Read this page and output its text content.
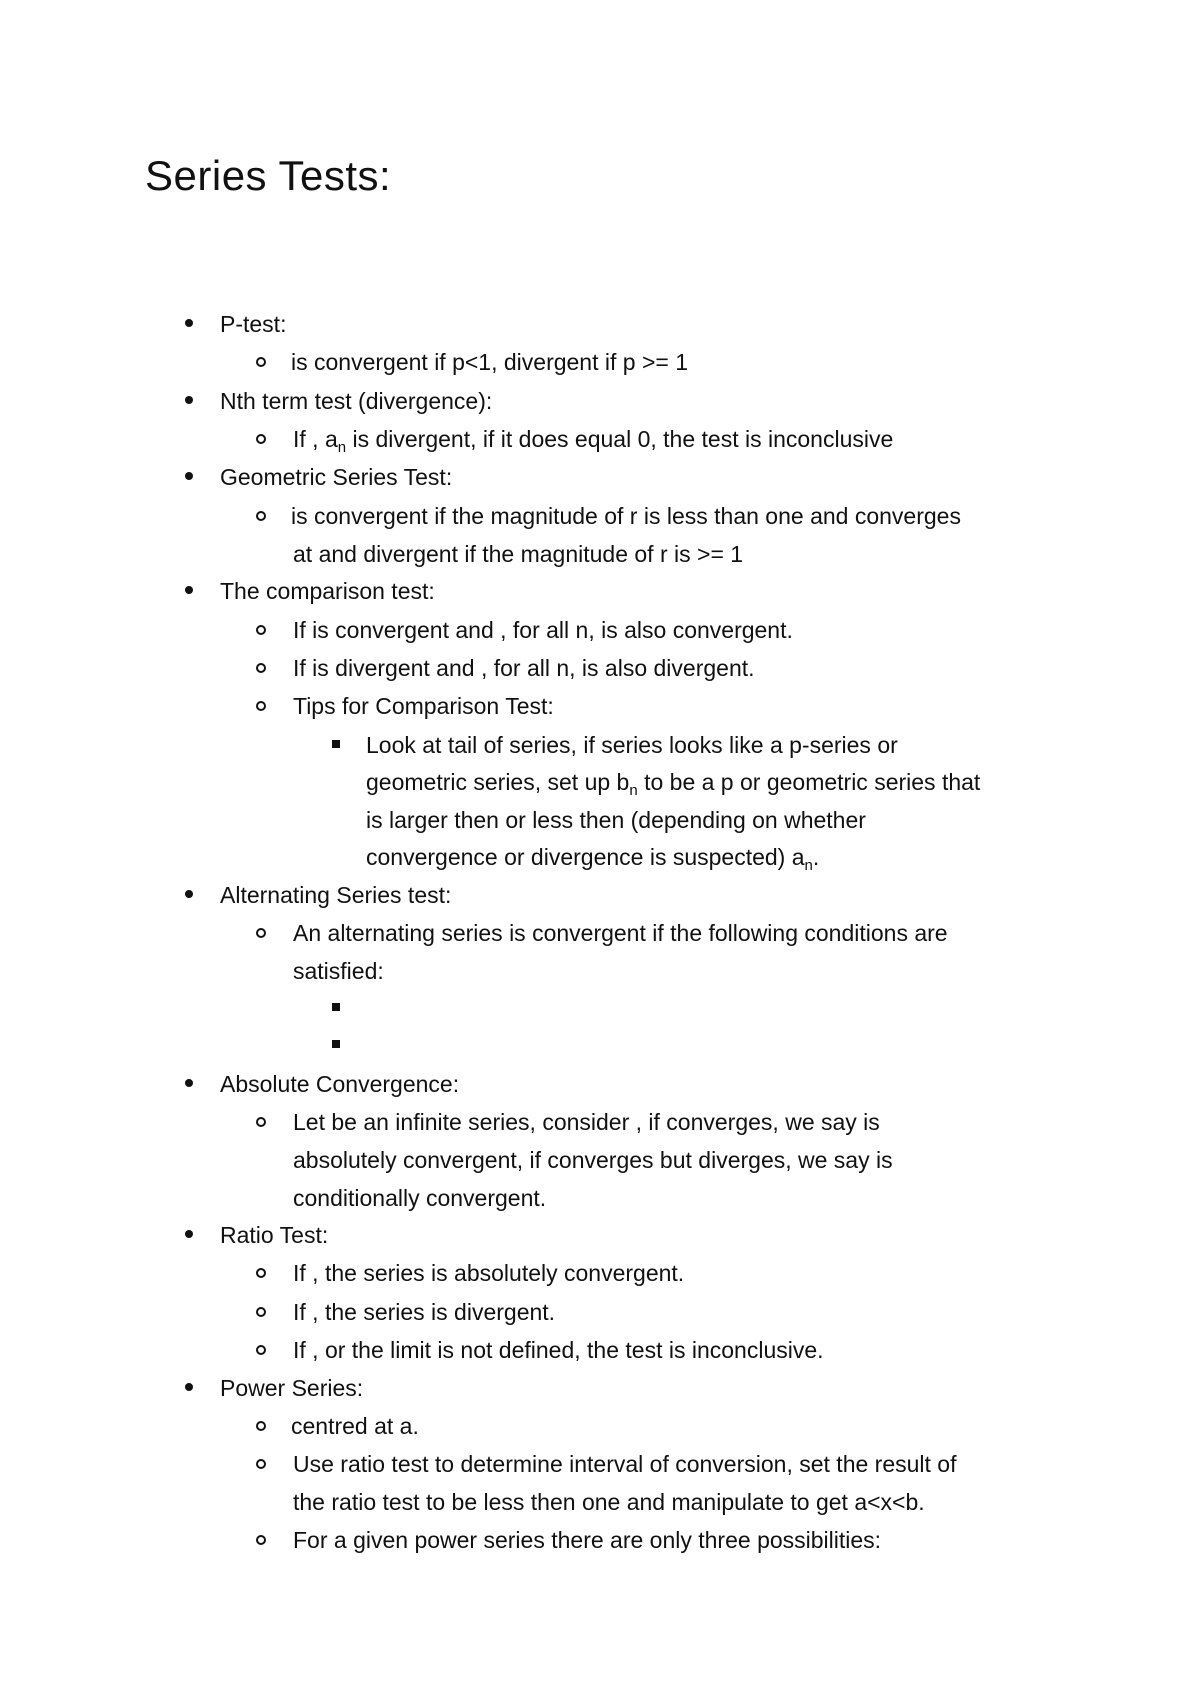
Series Tests:
P-test:
is convergent if p<1, divergent if p >= 1
Nth term test (divergence):
If , $a_n$ is divergent, if it does equal 0, the test is inconclusive
Geometric Series Test:
is convergent if the magnitude of r is less than one and converges
at and divergent if the magnitude of r is >= 1
The comparison test:
If is convergent and , for all n, is also convergent.
If is divergent and , for all n, is also divergent.
Tips for Comparison Test:
Look at tail of series, if series looks like a p-series or
geometric series, set up $b_n$ to be a p or geometric series that
is larger then or less then (depending on whether
convergence or divergence is suspected) $a_n$.
Alternating Series test:
An alternating series is convergent if the following conditions are
satisfied:
Absolute Convergence:
Let be an infinite series, consider , if converges, we say is
absolutely convergent, if converges but diverges, we say is
conditionally convergent.
Ratio Test:
If , the series is absolutely convergent.
If , the series is divergent.
If , or the limit is not defined, the test is inconclusive.
Power Series:
centred at a.
Use ratio test to determine interval of conversion, set the result of
the ratio test to be less then one and manipulate to get a<x<b.
For a given power series there are only three possibilities:
